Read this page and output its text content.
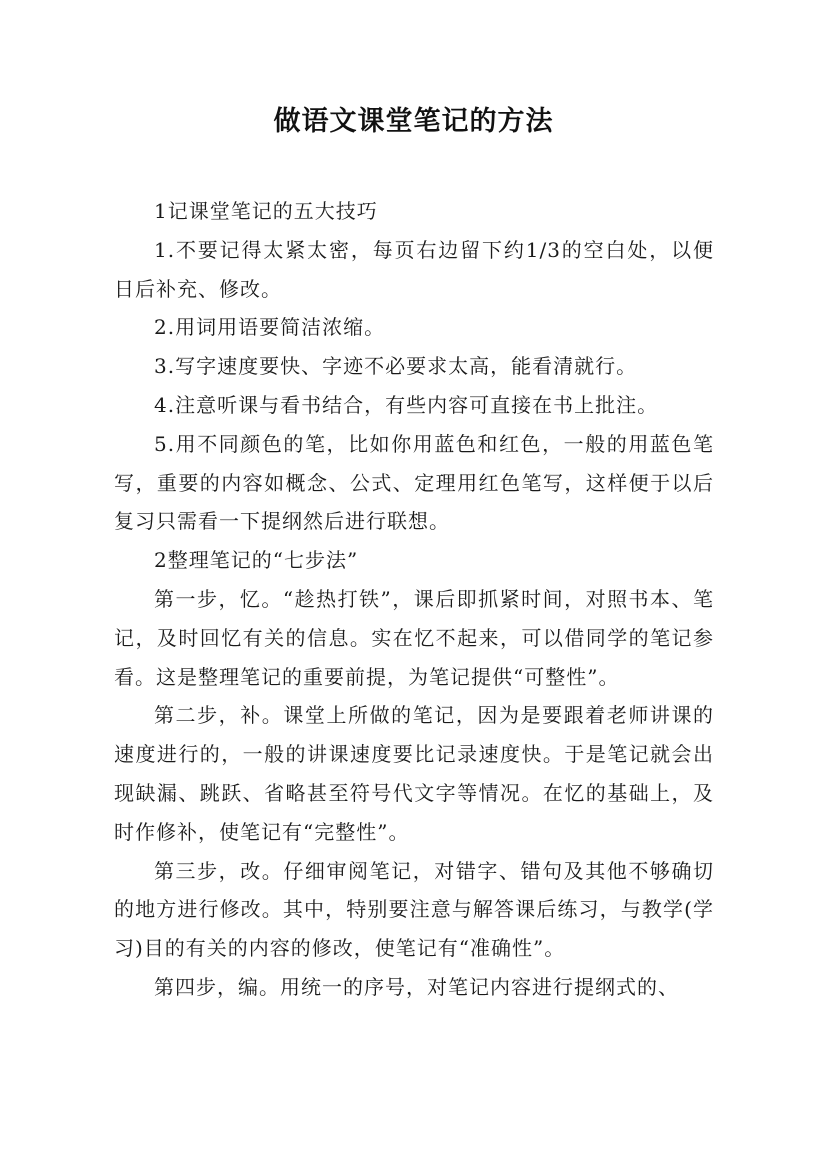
做语文课堂笔记的方法

1记课堂笔记的五大技巧

1.不要记得太紧太密，每页右边留下约1/3的空白处，以便日后补充、修改。

2.用词用语要简洁浓缩。

3.写字速度要快、字迹不必要求太高，能看清就行。

4.注意听课与看书结合，有些内容可直接在书上批注。

5.用不同颜色的笔，比如你用蓝色和红色，一般的用蓝色笔写，重要的内容如概念、公式、定理用红色笔写，这样便于以后复习只需看一下提纲然后进行联想。

2整理笔记的“七步法”

第一步，忆。“趁热打铁”，课后即抓紧时间，对照书本、笔记，及时回忆有关的信息。实在忆不起来，可以借同学的笔记参看。这是整理笔记的重要前提，为笔记提供“可整性”。

第二步，补。课堂上所做的笔记，因为是要跟着老师讲课的速度进行的，一般的讲课速度要比记录速度快。于是笔记就会出现缺漏、跳跃、省略甚至符号代文字等情况。在忆的基础上，及时作修补，使笔记有“完整性”。

第三步，改。仔细审阅笔记，对错字、错句及其他不够确切的地方进行修改。其中，特别要注意与解答课后练习，与教学(学习)目的有关的内容的修改，使笔记有“准确性”。

第四步，编。用统一的序号，对笔记内容进行提纲式的、
